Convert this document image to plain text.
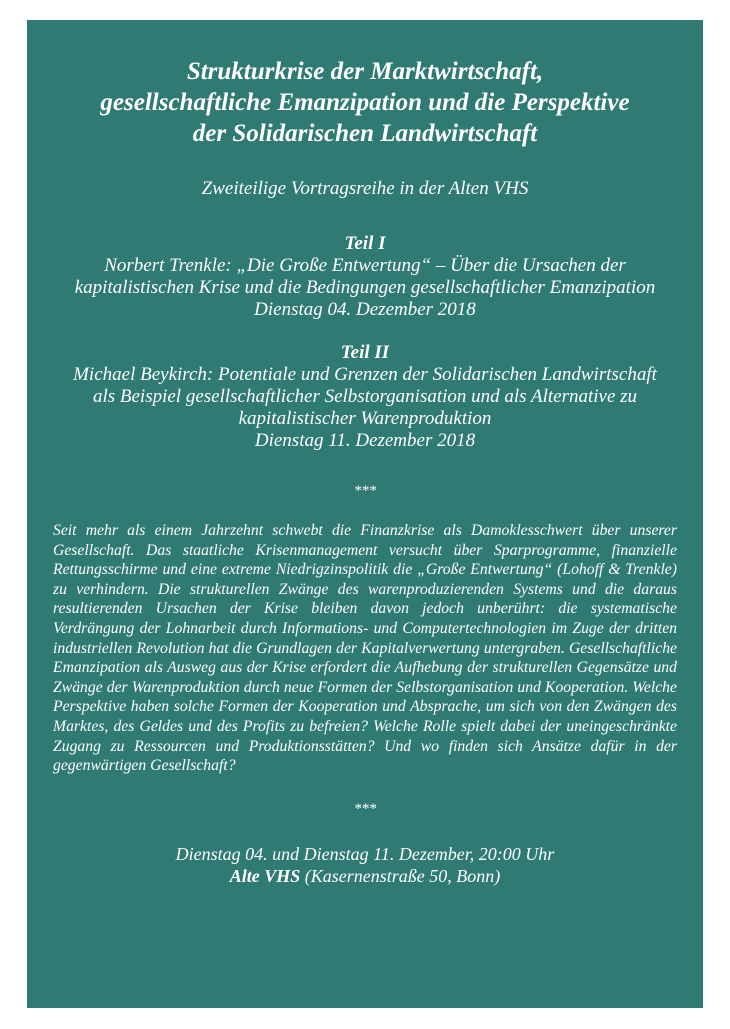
Strukturkrise der Marktwirtschaft,
gesellschaftliche Emanzipation und die Perspektive
der Solidarischen Landwirtschaft

Zweiteilige Vortragsreihe in der Alten VHS

Teil I
Norbert Trenkle: „Die Große Entwertung“ – Über die Ursachen der
kapitalistischen Krise und die Bedingungen gesellschaftlicher Emanzipation
Dienstag 04. Dezember 2018
Teil II
Michael Beykirch: Potentiale und Grenzen der Solidarischen Landwirtschaft
als Beispiel gesellschaftlicher Selbstorganisation und als Alternative zu
kapitalistischer Warenproduktion
Dienstag 11. Dezember 2018
***

Seit mehr als einem Jahrzehnt schwebt die Finanzkrise als Damoklesschwert über unserer Gesellschaft. Das staatliche Krisenmanagement versucht über Sparprogramme, finanzielle Rettungsschirme und eine extreme Niedrigzinspolitik die „Große Entwertung“ (Lohoff & Trenkle) zu verhindern. Die strukturellen Zwänge des warenproduzierenden Systems und die daraus resultierenden Ursachen der Krise bleiben davon jedoch unberührt: die systematische Verdrängung der Lohnarbeit durch Informations- und Computertechnologien im Zuge der dritten industriellen Revolution hat die Grundlagen der Kapitalverwertung untergraben. Gesellschaftliche Emanzipation als Ausweg aus der Krise erfordert die Aufhebung der strukturellen Gegensätze und Zwänge der Warenproduktion durch neue Formen der Selbstorganisation und Kooperation. Welche Perspektive haben solche Formen der Kooperation und Absprache, um sich von den Zwängen des Marktes, des Geldes und des Profits zu befreien? Welche Rolle spielt dabei der uneingeschränkte Zugang zu Ressourcen und Produktionsstätten? Und wo finden sich Ansätze dafür in der gegenwärtigen Gesellschaft?

***
Dienstag 04. und Dienstag 11. Dezember, 20:00 Uhr
Alte VHS (Kasernenstraße 50, Bonn)
